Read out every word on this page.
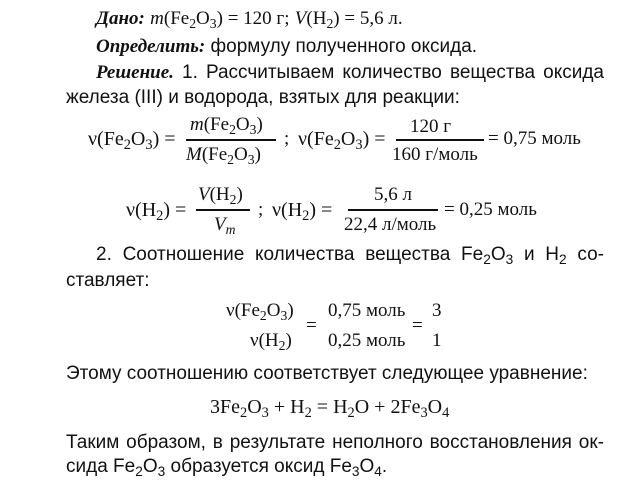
Дано: $m(Fe_2O_3) = 120$ г; $V(H_2) = 5,6$ л.
Определить: формулу полученного оксида.
Решение. 1. Рассчитываем количество вещества оксида
железа (III) и водорода, взятых для реакции:
$\nu(Fe_2O_3)$ =
$m(Fe_2O_3)$
$M(Fe_2O_3)$
; $\nu(Fe_2O_3)$ =
120 г
160 г/моль
= 0,75 моль
$\nu(H_2)$ =
$V(H_2)$
$V_m$
; $\nu(H_2)$ =
5,6 л
22,4 л/моль
= 0,25 моль
2. Соотношение количества вещества $Fe_2O_3$ и $H_2$ со-
ставляет:
$\nu(Fe_2O_3)$
$\nu(H_2)$
=
0,75 моль
0,25 моль
=
3
1
Этому соотношению соответствует следующее уравнение:
$3Fe_2O_3 + H_2 = H_2O + 2Fe_3O_4$
Таким образом, в результате неполного восстановления ок-
сида $Fe_2O_3$ образуется оксид $Fe_3O_4$.
